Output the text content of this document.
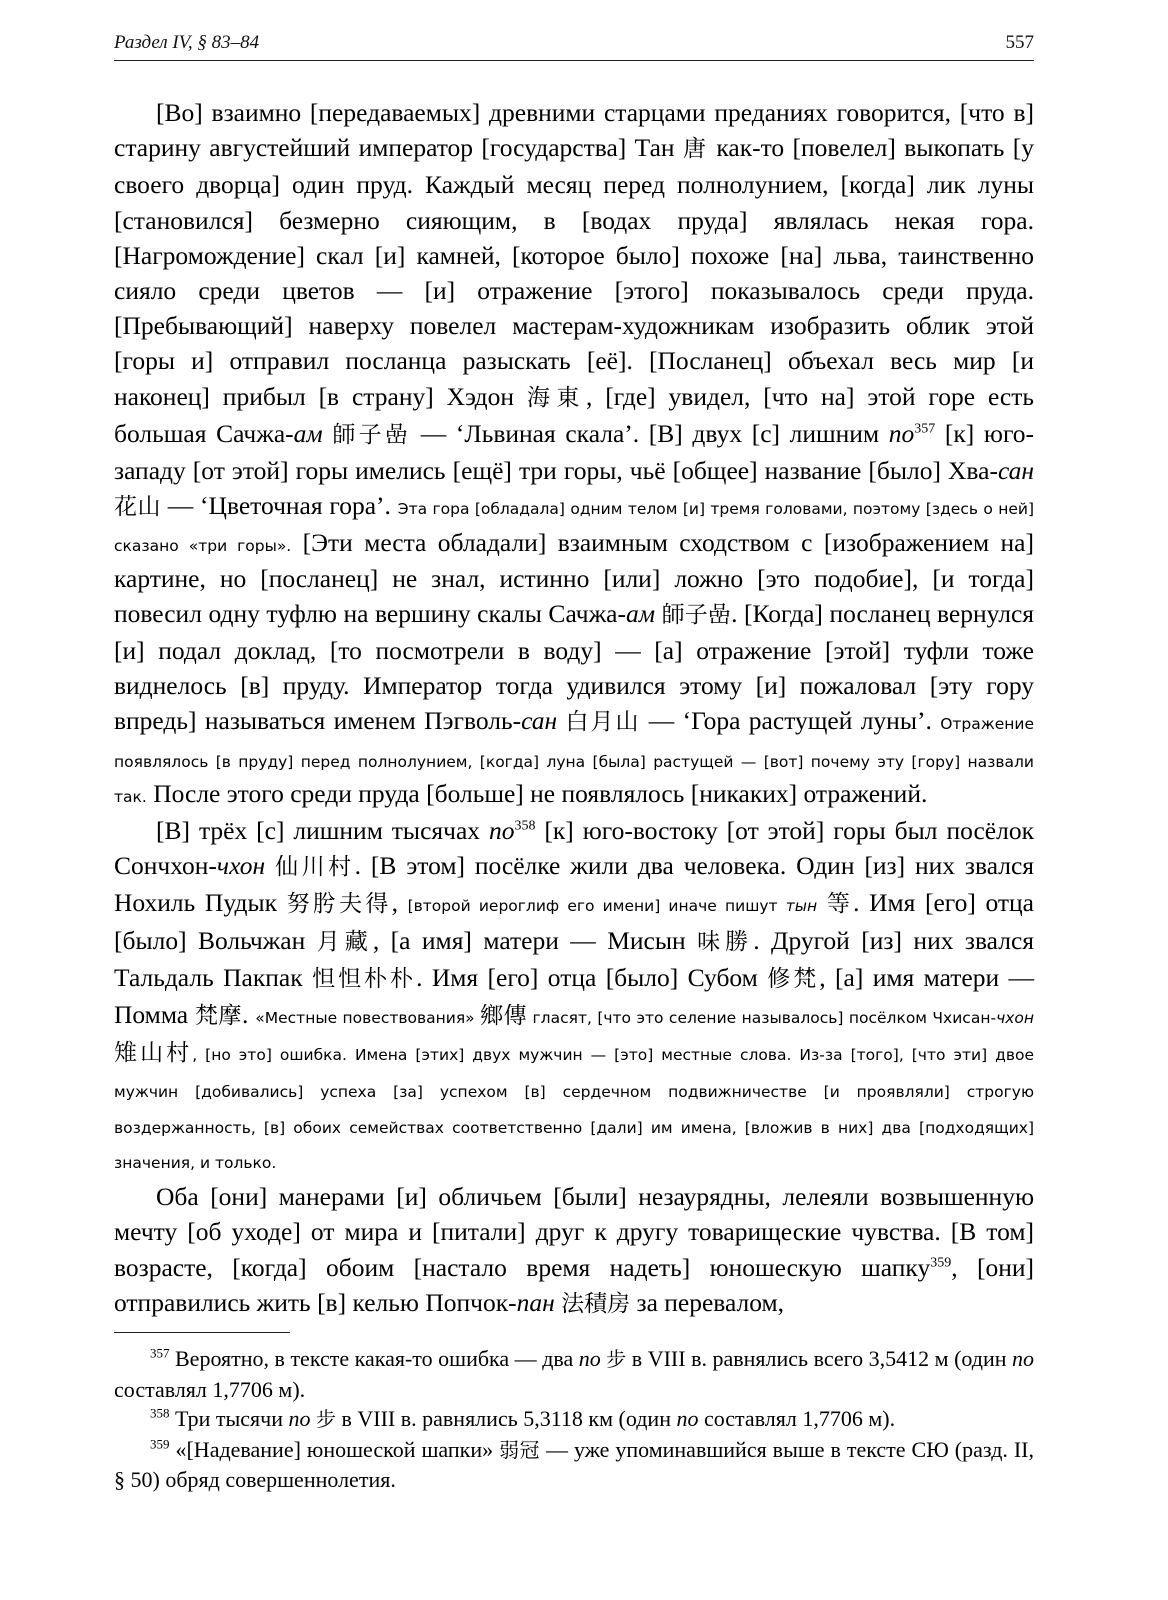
Раздел IV, § 83–84	557

[Во] взаимно [передаваемых] древними старцами преданиях говорится, [что в] старину августейший император [государства] Тан 唐 как-то [повелел] выкопать [у своего дворца] один пруд. Каждый месяц перед полнолунием, [когда] лик луны [становился] безмерно сияющим, в [водах пруда] являлась некая гора. [Нагромождение] скал [и] камней, [которое было] похоже [на] льва, таинственно сияло среди цветов — [и] отражение [этого] показывалось среди пруда. [Пребывающий] наверху повелел мастерам-художникам изобразить облик этой [горы и] отправил посланца разыскать [её]. [Посланец] объехал весь мир [и наконец] прибыл [в страну] Хэдон 海東, [где] увидел, [что на] этой горе есть большая Сачжа-ам 師子嵒 — ‘Львиная скала’. [В] двух [с] лишним $по^{357}$ [к] юго-западу [от этой] горы имелись [ещё] три горы, чьё [общее] название [было] Хва-сан 花山 — ‘Цветочная гора’. Эта гора [обладала] одним телом [и] тремя головами, поэтому [здесь о ней] сказано «три горы». [Эти места обладали] взаимным сходством с [изображением на] картине, но [посланец] не знал, истинно [или] ложно [это подобие], [и тогда] повесил одну туфлю на вершину скалы Сачжа-ам 師子嵒. [Когда] посланец вернулся [и] подал доклад, [то посмотрели в воду] — [а] отражение [этой] туфли тоже виднелось [в] пруду. Император тогда удивился этому [и] пожаловал [эту гору впредь] называться именем Пэгволь-сан 白月山 — ‘Гора растущей луны’. Отражение появлялось [в пруду] перед полнолунием, [когда] луна [была] растущей — [вот] почему эту [гору] назвали так. После этого среди пруда [больше] не появлялось [никаких] отражений.

[В] трёх [с] лишним тысячах $по^{358}$ [к] юго-востоку [от этой] горы был посёлок Сончхон-чхон 仙川村. [В этом] посёлке жили два человека. Один [из] них звался Нохиль Пудык 努肹夫得, [второй иероглиф его имени] иначе пишут тын 等. Имя [его] отца [было] Вольчжан 月藏, [а имя] матери — Мисын 味勝. Другой [из] них звался Тальдаль Пакпак 怛怛朴朴. Имя [его] отца [было] Субом 修梵, [а] имя матери — Помма 梵摩. «Местные повествования» 鄉傳 гласят, [что это селение называлось] посёлком Чхисан-чхон 雉山村, [но это] ошибка. Имена [этих] двух мужчин — [это] местные слова. Из-за [того], [что эти] двое мужчин [добивались] успеха [за] успехом [в] сердечном подвижничестве [и проявляли] строгую воздержанность, [в] обоих семействах соответственно [дали] им имена, [вложив в них] два [подходящих] значения, и только.

Оба [они] манерами [и] обличьем [были] незаурядны, лелеяли возвышенную мечту [об уходе] от мира и [питали] друг к другу товарищеские чувства. [В том] возрасте, [когда] обоим [настало время надеть] юношескую шапку$^{359}$, [они] отправились жить [в] келью Попчок-пан 法積房 за перевалом,

$^{357}$ Вероятно, в тексте какая-то ошибка — два по 步 в VIII в. равнялись всего 3,5412 м (один по составлял 1,7706 м).

$^{358}$ Три тысячи по 步 в VIII в. равнялись 5,3118 км (один по составлял 1,7706 м).

$^{359}$ «[Надевание] юношеской шапки» 弱冠 — уже упоминавшийся выше в тексте СЮ (разд. II, § 50) обряд совершеннолетия.
